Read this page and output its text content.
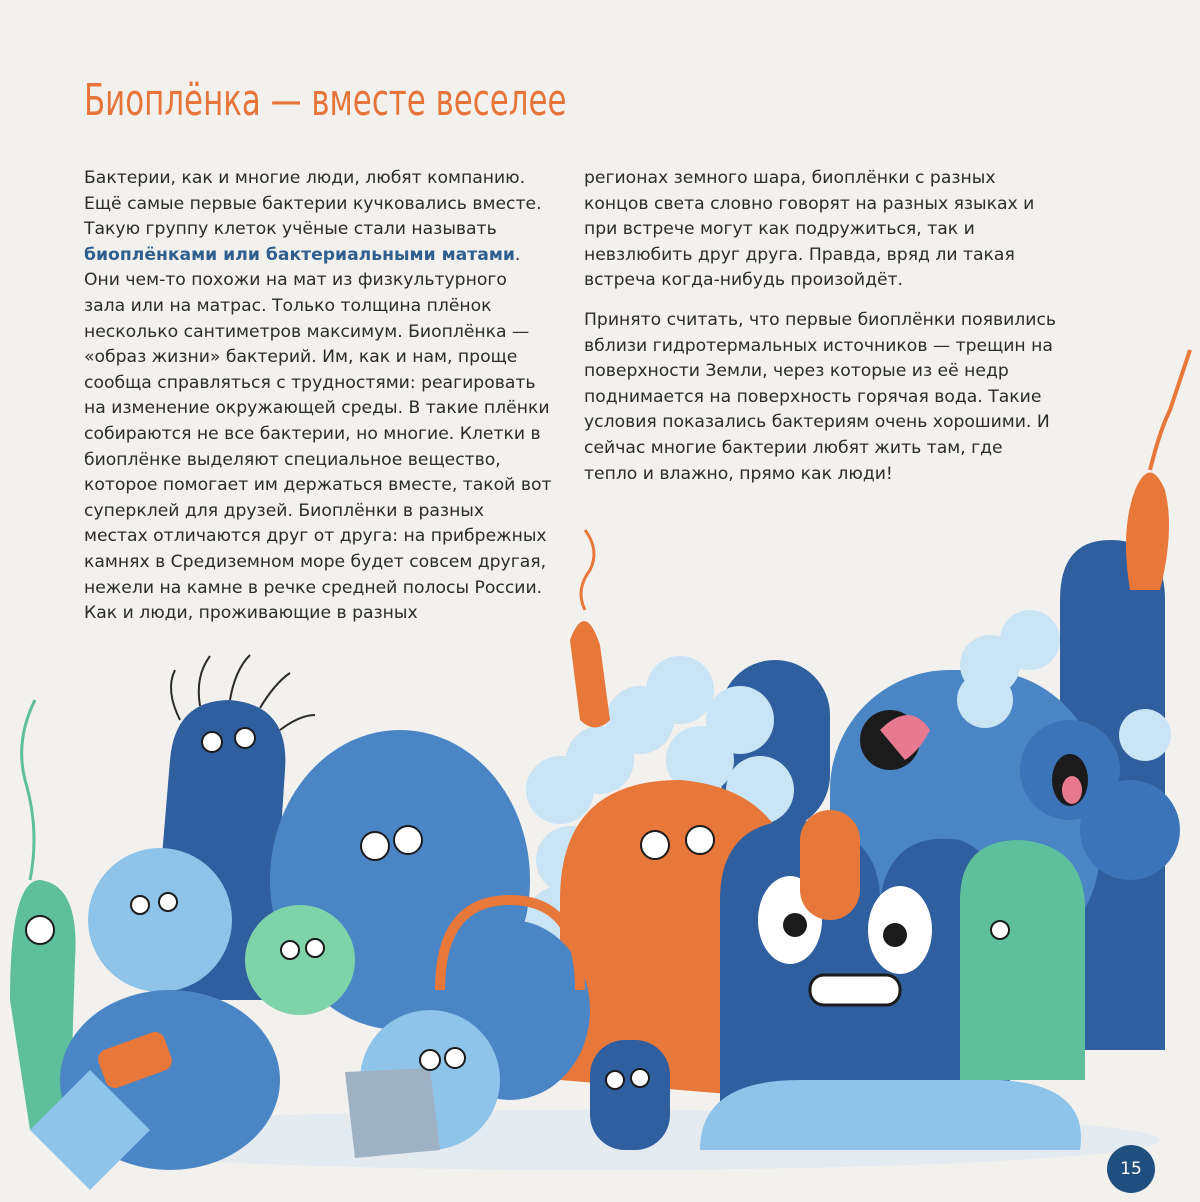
Биоплёнка — вместе веселее

Бактерии, как и многие люди, любят компанию. Ещё самые первые бактерии кучковались вместе. Такую группу клеток учёные стали называть биоплёнками или бактериальными матами. Они чем-то похожи на мат из физкультурного зала или на матрас. Только толщина плёнок несколько сантиметров максимум. Биоплёнка — «образ жизни» бактерий. Им, как и нам, проще сообща справляться с трудностями: реагировать на изменение окружающей среды. В такие плёнки собираются не все бактерии, но многие. Клетки в биоплёнке выделяют специальное вещество, которое помогает им держаться вместе, такой вот суперклей для друзей. Биоплёнки в разных местах отличаются друг от друга: на прибрежных камнях в Средиземном море будет совсем другая, нежели на камне в речке средней полосы России. Как и люди, проживающие в разных

регионах земного шара, биоплёнки с разных концов света словно говорят на разных языках и при встрече могут как подружиться, так и невзлюбить друг друга. Правда, вряд ли такая встреча когда-нибудь произойдёт.

Принято считать, что первые биоплёнки появились вблизи гидротермальных источников — трещин на поверхности Земли, через которые из её недр поднимается на поверхность горячая вода. Такие условия показались бактериям очень хорошими. И сейчас многие бактерии любят жить там, где тепло и влажно, прямо как люди!

15
